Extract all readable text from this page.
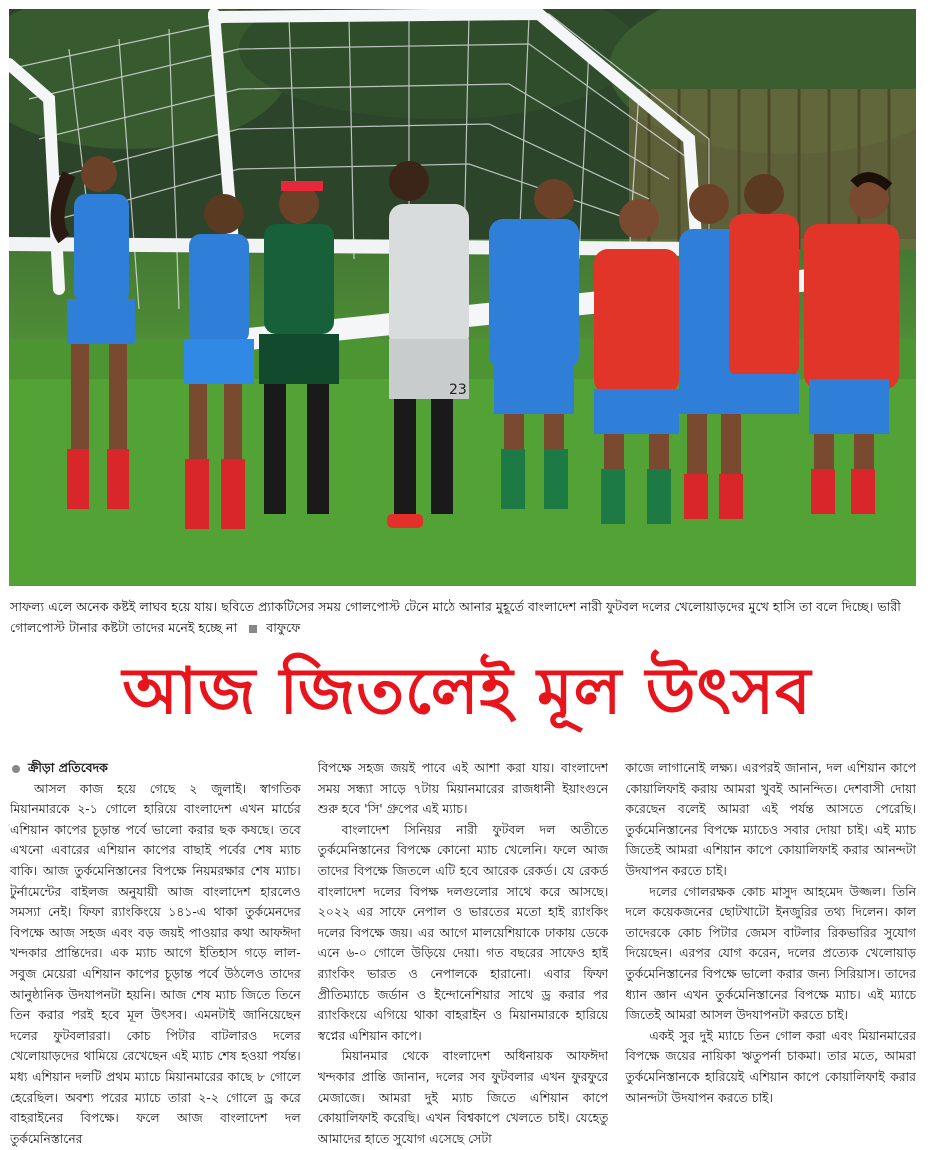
23
সাফল্য এলে অনেক কষ্টই লাঘব হয়ে যায়। ছবিতে প্র্যাকটিসের সময় গোলপোস্ট টেনে মাঠে আনার মুহূর্তে বাংলাদেশ নারী ফুটবল দলের খেলোয়াড়দের মুখে হাসি তা বলে দিচ্ছে। ভারী গোলপোস্ট টানার কষ্টটা তাদের মনেই হচ্ছে না বাফুফে
আজ জিতলেই মূল উৎসব

ক্রীড়া প্রতিবেদক

আসল কাজ হয়ে গেছে ২ জুলাই। স্বাগতিক মিয়ানমারকে ২-১ গোলে হারিয়ে বাংলাদেশ এখন মার্চের এশিয়ান কাপের চূড়ান্ত পর্বে ভালো করার ছক কষছে। তবে এখনো এবারের এশিয়ান কাপের বাছাই পর্বের শেষ ম্যাচ বাকি। আজ তুর্কমেনিস্তানের বিপক্ষে নিয়মরক্ষার শেষ ম্যাচ। টুর্নামেন্টের বাইলজ অনুযায়ী আজ বাংলাদেশ হারলেও সমস্যা নেই। ফিফা র‍্যাংকিংয়ে ১৪১-এ থাকা তুর্কমেনদের বিপক্ষে আজ সহজ এবং বড় জয়ই পাওয়ার কথা আফঈদা খন্দকার প্রান্তিদের। এক ম্যাচ আগে ইতিহাস গড়ে লাল-সবুজ মেয়েরা এশিয়ান কাপের চূড়ান্ত পর্বে উঠলেও তাদের আনুষ্ঠানিক উদযাপনটা হয়নি। আজ শেষ ম্যাচ জিতে তিনে তিন করার পরই হবে মূল উৎসব। এমনটাই জানিয়েছেন দলের ফুটবলাররা। কোচ পিটার বাটলারও দলের খেলোয়াড়দের থামিয়ে রেখেছেন এই ম্যাচ শেষ হওয়া পর্যন্ত। মধ্য এশিয়ান দলটি প্রথম ম্যাচে মিয়ানমারের কাছে ৮ গোলে হেরেছিল। অবশ্য পরের ম্যাচে তারা ২-২ গোলে ড্র করে বাহরাইনের বিপক্ষে। ফলে আজ বাংলাদেশ দল তুর্কমেনিস্তানের

বিপক্ষে সহজ জয়ই পাবে এই আশা করা যায়। বাংলাদেশ সময় সন্ধ্যা সাড়ে ৭টায় মিয়ানমারের রাজধানী ইয়াংগুনে শুরু হবে 'সি' গ্রুপের এই ম্যাচ।

বাংলাদেশ সিনিয়র নারী ফুটবল দল অতীতে তুর্কমেনিস্তানের বিপক্ষে কোনো ম্যাচ খেলেনি। ফলে আজ তাদের বিপক্ষে জিতলে এটি হবে আরেক রেকর্ড। যে রেকর্ড বাংলাদেশ দলের বিপক্ষ দলগুলোর সাথে করে আসছে। ২০২২ এর সাফে নেপাল ও ভারতের মতো হাই র‍্যাংকিং দলের বিপক্ষে জয়। এর আগে মালয়েশিয়াকে ঢাকায় ডেকে এনে ৬-০ গোলে উড়িয়ে দেয়া। গত বছরের সাফেও হাই র‍্যাংকিং ভারত ও নেপালকে হারানো। এবার ফিফা প্রীতিম্যাচে জর্ডান ও ইন্দোনেশিয়ার সাথে ড্র করার পর র‍্যাংকিংয়ে এগিয়ে থাকা বাহরাইন ও মিয়ানমারকে হারিয়ে স্বপ্নের এশিয়ান কাপে।

মিয়ানমার থেকে বাংলাদেশ অধিনায়ক আফঈদা খন্দকার প্রান্তি জানান, দলের সব ফুটবলার এখন ফুরফুরে মেজাজে। আমরা দুই ম্যাচ জিতে এশিয়ান কাপে কোয়ালিফাই করেছি। এখন বিশ্বকাপে খেলতে চাই। যেহেতু আমাদের হাতে সুযোগ এসেছে সেটা

কাজে লাগানোই লক্ষ্য। এরপরই জানান, দল এশিয়ান কাপে কোয়ালিফাই করায় আমরা খুবই আনন্দিত। দেশবাসী দোয়া করেছেন বলেই আমরা এই পর্যন্ত আসতে পেরেছি। তুর্কমেনিস্তানের বিপক্ষে ম্যাচেও সবার দোয়া চাই। এই ম্যাচ জিতেই আমরা এশিয়ান কাপে কোয়ালিফাই করার আনন্দটা উদযাপন করতে চাই।

দলের গোলরক্ষক কোচ মাসুদ আহমেদ উজ্জল। তিনি দলে কয়েকজনের ছোটখাটো ইনজুরির তথ্য দিলেন। কাল তাদেরকে কোচ পিটার জেমস বাটলার রিকভারির সুযোগ দিয়েছেন। এরপর যোগ করেন, দলের প্রত্যেক খেলোয়াড় তুর্কমেনিস্তানের বিপক্ষে ভালো করার জন্য সিরিয়াস। তাদের ধ্যান জ্ঞান এখন তুর্কমেনিস্তানের বিপক্ষে ম্যাচ। এই ম্যাচে জিতেই আমরা আসল উদযাপনটা করতে চাই।

একই সুর দুই ম্যাচে তিন গোল করা এবং মিয়ানমারের বিপক্ষে জয়ের নায়িকা ঋতুপর্না চাকমা। তার মতে, আমরা তুর্কমেনিস্তানকে হারিয়েই এশিয়ান কাপে কোয়ালিফাই করার আনন্দটা উদযাপন করতে চাই।
